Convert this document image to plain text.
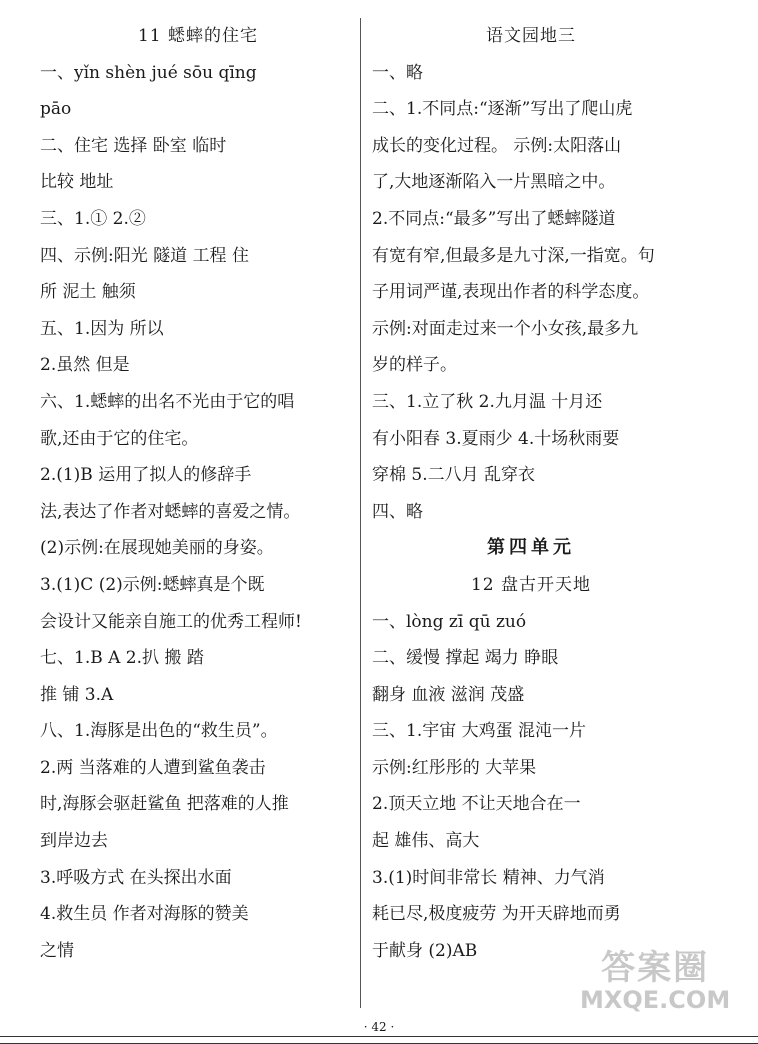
11 蟋蟀的住宅
一、yǐn shèn jué sōu qīng
pāo
二、住宅 选择 卧室 临时
比较 地址
三、1.① 2.②
四、示例:阳光 隧道 工程 住
所 泥土 触须
五、1.因为 所以
2.虽然 但是
六、1.蟋蟀的出名不光由于它的唱
歌,还由于它的住宅。
2.(1)B 运用了拟人的修辞手
法,表达了作者对蟋蟀的喜爱之情。
(2)示例:在展现她美丽的身姿。
3.(1)C (2)示例:蟋蟀真是个既
会设计又能亲自施工的优秀工程师!
七、1.B A 2.扒 搬 踏
推 铺 3.A
八、1.海豚是出色的“救生员”。
2.两 当落难的人遭到鲨鱼袭击
时,海豚会驱赶鲨鱼 把落难的人推
到岸边去
3.呼吸方式 在头探出水面
4.救生员 作者对海豚的赞美
之情
语文园地三
一、略
二、1.不同点:“逐渐”写出了爬山虎
成长的变化过程。 示例:太阳落山
了,大地逐渐陷入一片黑暗之中。
2.不同点:“最多”写出了蟋蟀隧道
有宽有窄,但最多是九寸深,一指宽。句
子用词严谨,表现出作者的科学态度。
示例:对面走过来一个小女孩,最多九
岁的样子。
三、1.立了秋 2.九月温 十月还
有小阳春 3.夏雨少 4.十场秋雨要
穿棉 5.二八月 乱穿衣
四、略
第四单元
12 盘古开天地
一、lòng zī qū zuó
二、缓慢 撑起 竭力 睁眼
翻身 血液 滋润 茂盛
三、1.宇宙 大鸡蛋 混沌一片
示例:红彤彤的 大苹果
2.顶天立地 不让天地合在一
起 雄伟、高大
3.(1)时间非常长 精神、力气消
耗已尽,极度疲劳 为开天辟地而勇
于献身 (2)AB
· 42 ·
答案圈
MXQE.COM
